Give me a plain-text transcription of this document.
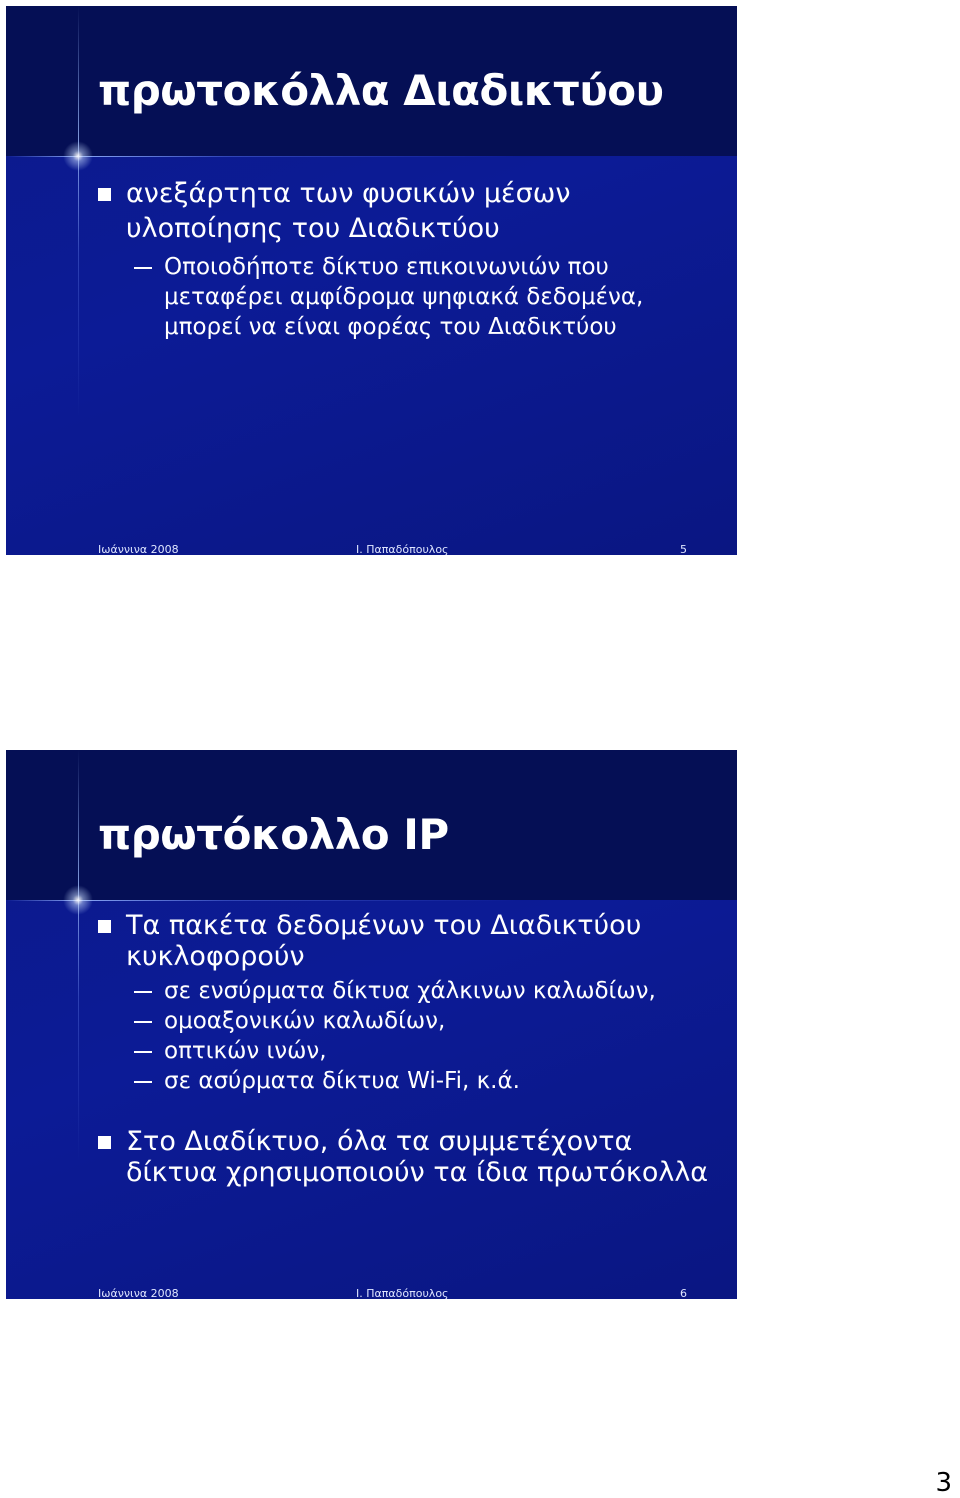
πρωτοκόλλα Διαδικτύου
ανεξάρτητα των φυσικών μέσων υλοποίησης του Διαδικτύου
Οποιοδήποτε δίκτυο επικοινωνιών που μεταφέρει αμφίδρομα ψηφιακά δεδομένα, μπορεί να είναι φορέας του Διαδικτύου
Ιωάννινα 2008	Ι. Παπαδόπουλος	5
πρωτόκολλο IP
Τα πακέτα δεδομένων του Διαδικτύου κυκλοφορούν
σε ενσύρματα δίκτυα χάλκινων καλωδίων,
ομοαξονικών καλωδίων,
οπτικών ινών,
σε ασύρματα δίκτυα Wi-Fi, κ.ά.
Στο Διαδίκτυο, όλα τα συμμετέχοντα δίκτυα χρησιμοποιούν τα ίδια πρωτόκολλα
Ιωάννινα 2008	Ι. Παπαδόπουλος	6
3
